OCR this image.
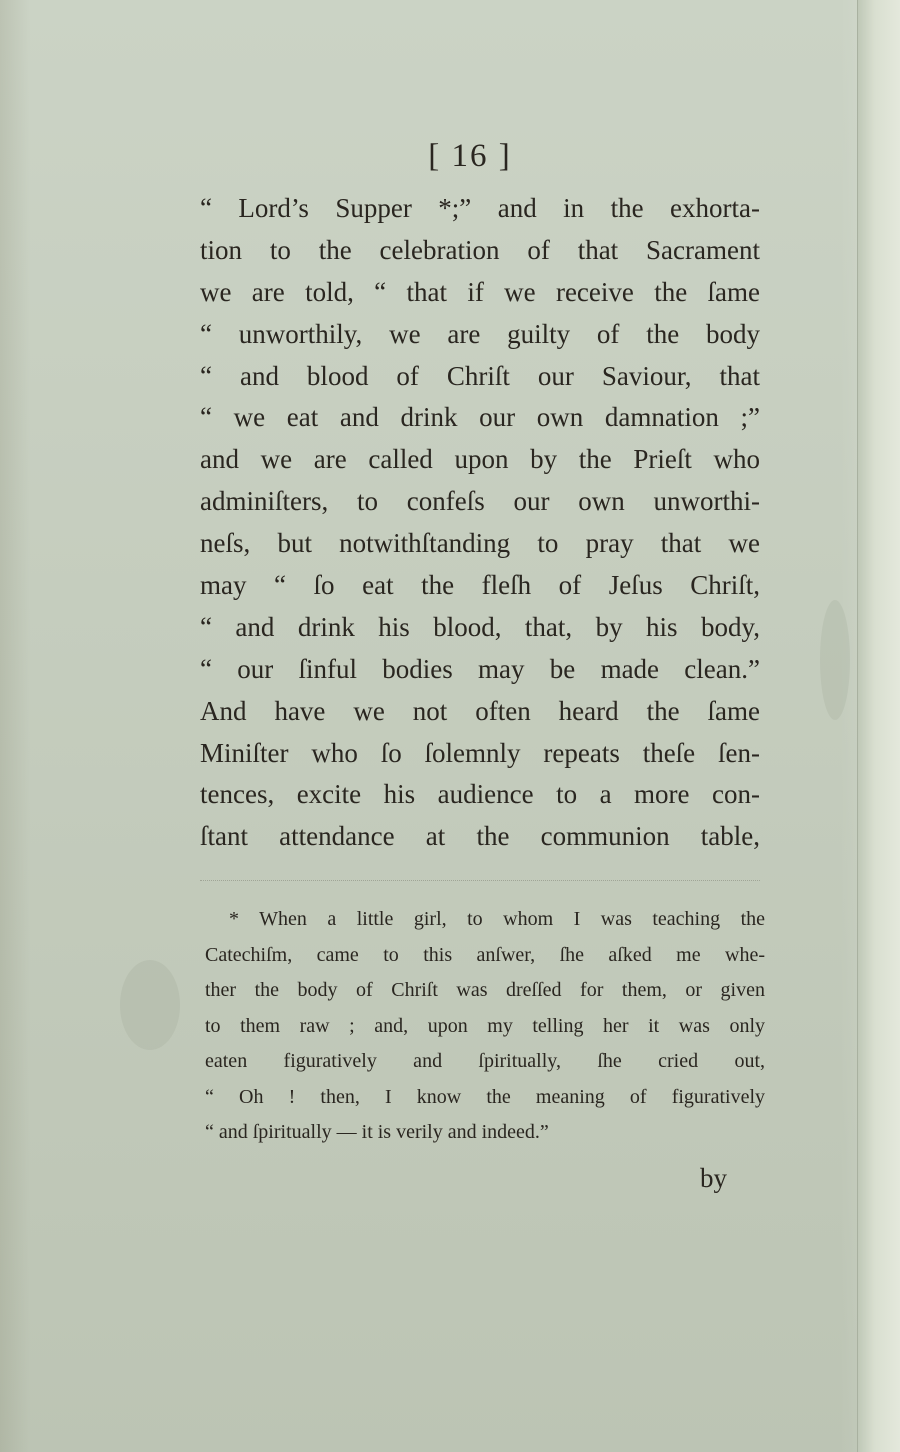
[ 16 ]

“ Lord’s Supper *;” and in the exhorta-
tion to the celebration of that Sacrament
we are told, “ that if we receive the ſame
“ unworthily, we are guilty of the body
“ and blood of Chriſt our Saviour, that
“ we eat and drink our own damnation ;”
and we are called upon by the Prieſt who
adminiſters, to confeſs our own unworthi-
neſs, but notwithſtanding to pray that we
may “ ſo eat the fleſh of Jeſus Chriſt,
“ and drink his blood, that, by his body,
“ our ſinful bodies may be made clean.”
And have we not often heard the ſame
Miniſter who ſo ſolemnly repeats theſe ſen-
tences, excite his audience to a more con-
ſtant attendance at the communion table,
* When a little girl, to whom I was teaching the
Catechiſm, came to this anſwer, ſhe aſked me whe-
ther the body of Chriſt was dreſſed for them, or given
to them raw ; and, upon my telling her it was only
eaten figuratively and ſpiritually, ſhe cried out,
“ Oh ! then, I know the meaning of figuratively
“ and ſpiritually — it is verily and indeed.”

by
